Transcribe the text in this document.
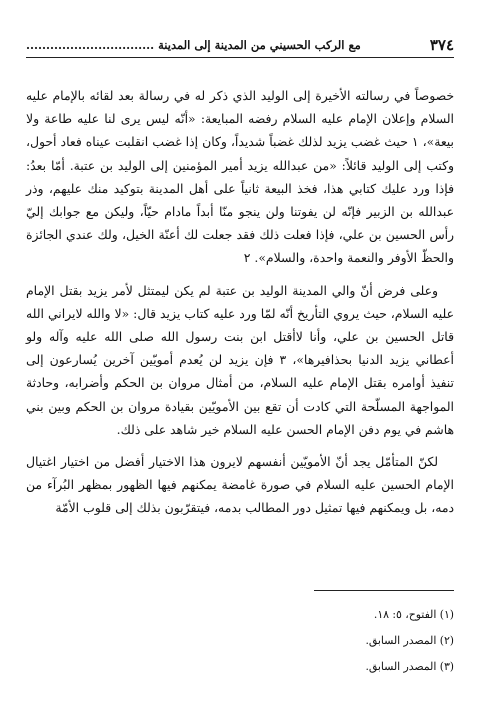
٣٧٤
مع الركب الحسيني من المدينة إلى المدينة ................................

خصوصاً في رسالته الأخيرة إلى الوليد الذي ذكر له في رسالة بعد لقائه بالإمام عليه السلام وإعلان الإمام عليه السلام رفضه المبايعة: «أنّه ليس يرى لنا عليه طاعة ولا بيعة»، ١ حيث غضب يزيد لذلك غضباً شديداً، وكان إذا غضب انقلبت عيناه فعاد أحول، وكتب إلى الوليد قائلاً: «من عبدالله يزيد أمير المؤمنين إلى الوليد بن عتبة. أمّا بعدُ: فإذا ورد عليك كتابي هذا، فخذ البيعة ثانياً على أهل المدينة بتوكيد منك عليهم، وذر عبدالله بن الزبير فإنّه لن يفوتنا ولن ينجو منّا أبداً مادام حيّاً، وليكن مع جوابك إليّ رأس الحسين بن علي، فإذا فعلت ذلك فقد جعلت لك أعنّة الخيل، ولك عندي الجائزة والحظّ الأوفر والنعمة واحدة، والسلام». ٢

وعلى فرض أنّ والي المدينة الوليد بن عتبة لم يكن ليمتثل لأمر يزيد بقتل الإمام عليه السلام، حيث يروي التأريخ أنّه لمّا ورد عليه كتاب يزيد قال: «لا والله لايراني الله قاتل الحسين بن علي، وأنا لاأقتل ابن بنت رسول الله صلى الله عليه وآله ولو أعطاني يزيد الدنيا بحذافيرها»، ٣ فإن يزيد لن يُعدم أمويّين آخرين يُسارعون إلى تنفيذ أوامره بقتل الإمام عليه السلام، من أمثال مروان بن الحكم وأضرابه، وحادثة المواجهة المسلّحة التي كادت أن تقع بين الأمويّين بقيادة مروان بن الحكم وبين بني هاشم في يوم دفن الإمام الحسن عليه السلام خير شاهد على ذلك.

لكنّ المتأمّل يجد أنّ الأمويّين أنفسهم لايرون هذا الاختيار أفضل من اختيار اغتيال الإمام الحسين عليه السلام في صورة غامضة يمكنهم فيها الظهور بمظهر البُرآء من دمه، بل ويمكنهم فيها تمثيل دور المطالب بدمه، فيتقرّبون بذلك إلى قلوب الأمّة

(١) الفتوح، ٥: ١٨.
(٢) المصدر السابق.
(٣) المصدر السابق.
